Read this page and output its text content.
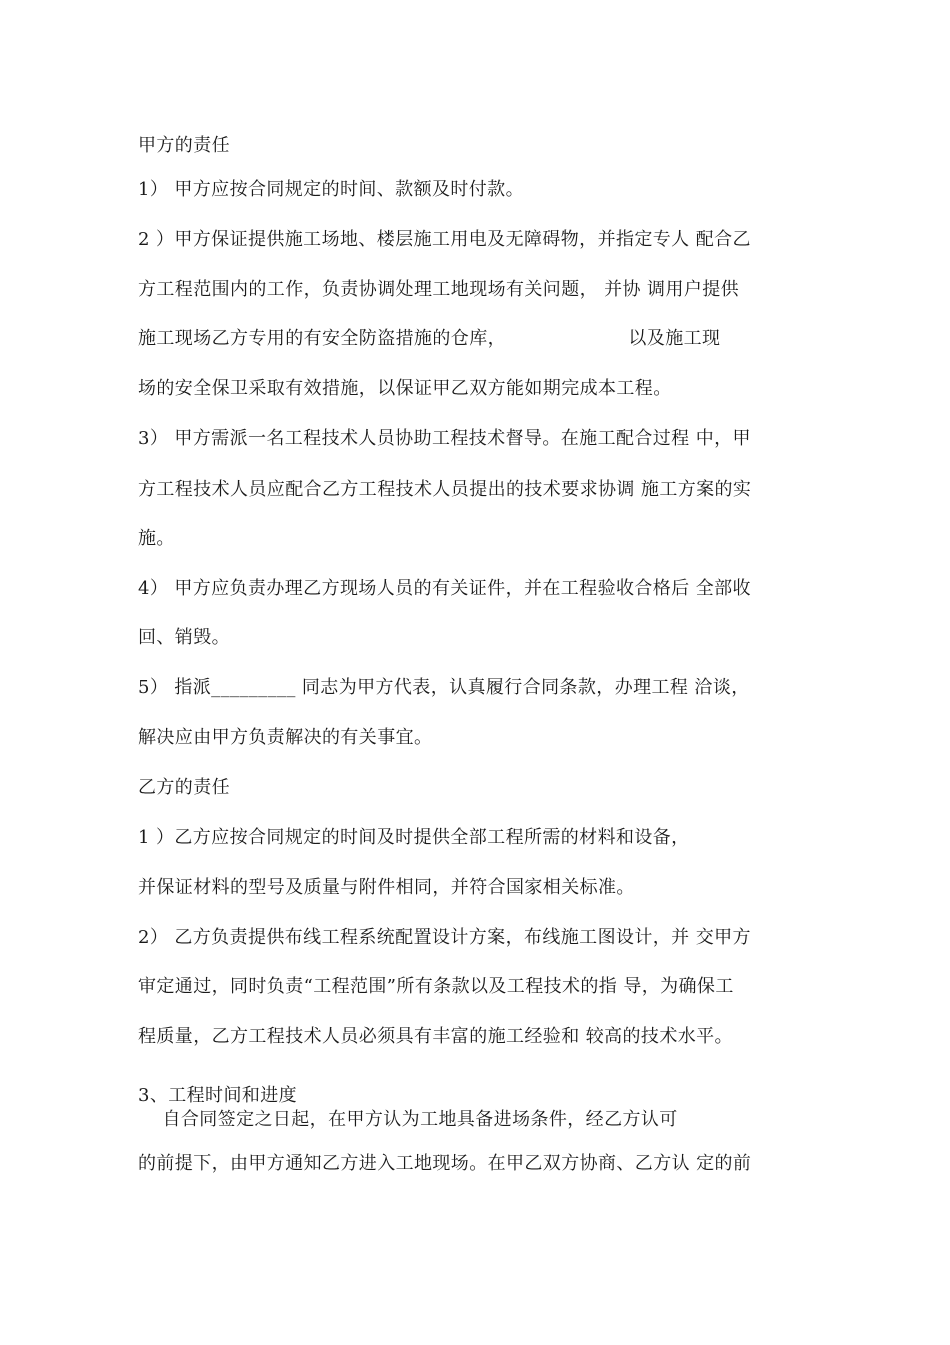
甲方的责任
1） 甲方应按合同规定的时间、款额及时付款。
2 ）甲方保证提供施工场地、楼层施工用电及无障碍物，并指定专人 配合乙
方工程范围内的工作，负责协调处理工地现场有关问题， 并协 调用户提供
施工现场乙方专用的有安全防盗措施的仓库，                    以及施工现
场的安全保卫采取有效措施，以保证甲乙双方能如期完成本工程。
3） 甲方需派一名工程技术人员协助工程技术督导。在施工配合过程 中，甲
方工程技术人员应配合乙方工程技术人员提出的技术要求协调 施工方案的实
施。
4） 甲方应负责办理乙方现场人员的有关证件，并在工程验收合格后 全部收
回、销毁。
5） 指派_________ 同志为甲方代表，认真履行合同条款，办理工程 洽谈，
解决应由甲方负责解决的有关事宜。
乙方的责任
1 ）乙方应按合同规定的时间及时提供全部工程所需的材料和设备，
并保证材料的型号及质量与附件相同，并符合国家相关标准。
2） 乙方负责提供布线工程系统配置设计方案，布线施工图设计，并 交甲方
审定通过，同时负责“工程范围”所有条款以及工程技术的指 导，为确保工
程质量，乙方工程技术人员必须具有丰富的施工经验和 较高的技术水平。
3、工程时间和进度
自合同签定之日起，在甲方认为工地具备进场条件，经乙方认可
的前提下，由甲方通知乙方进入工地现场。在甲乙双方协商、乙方认 定的前
